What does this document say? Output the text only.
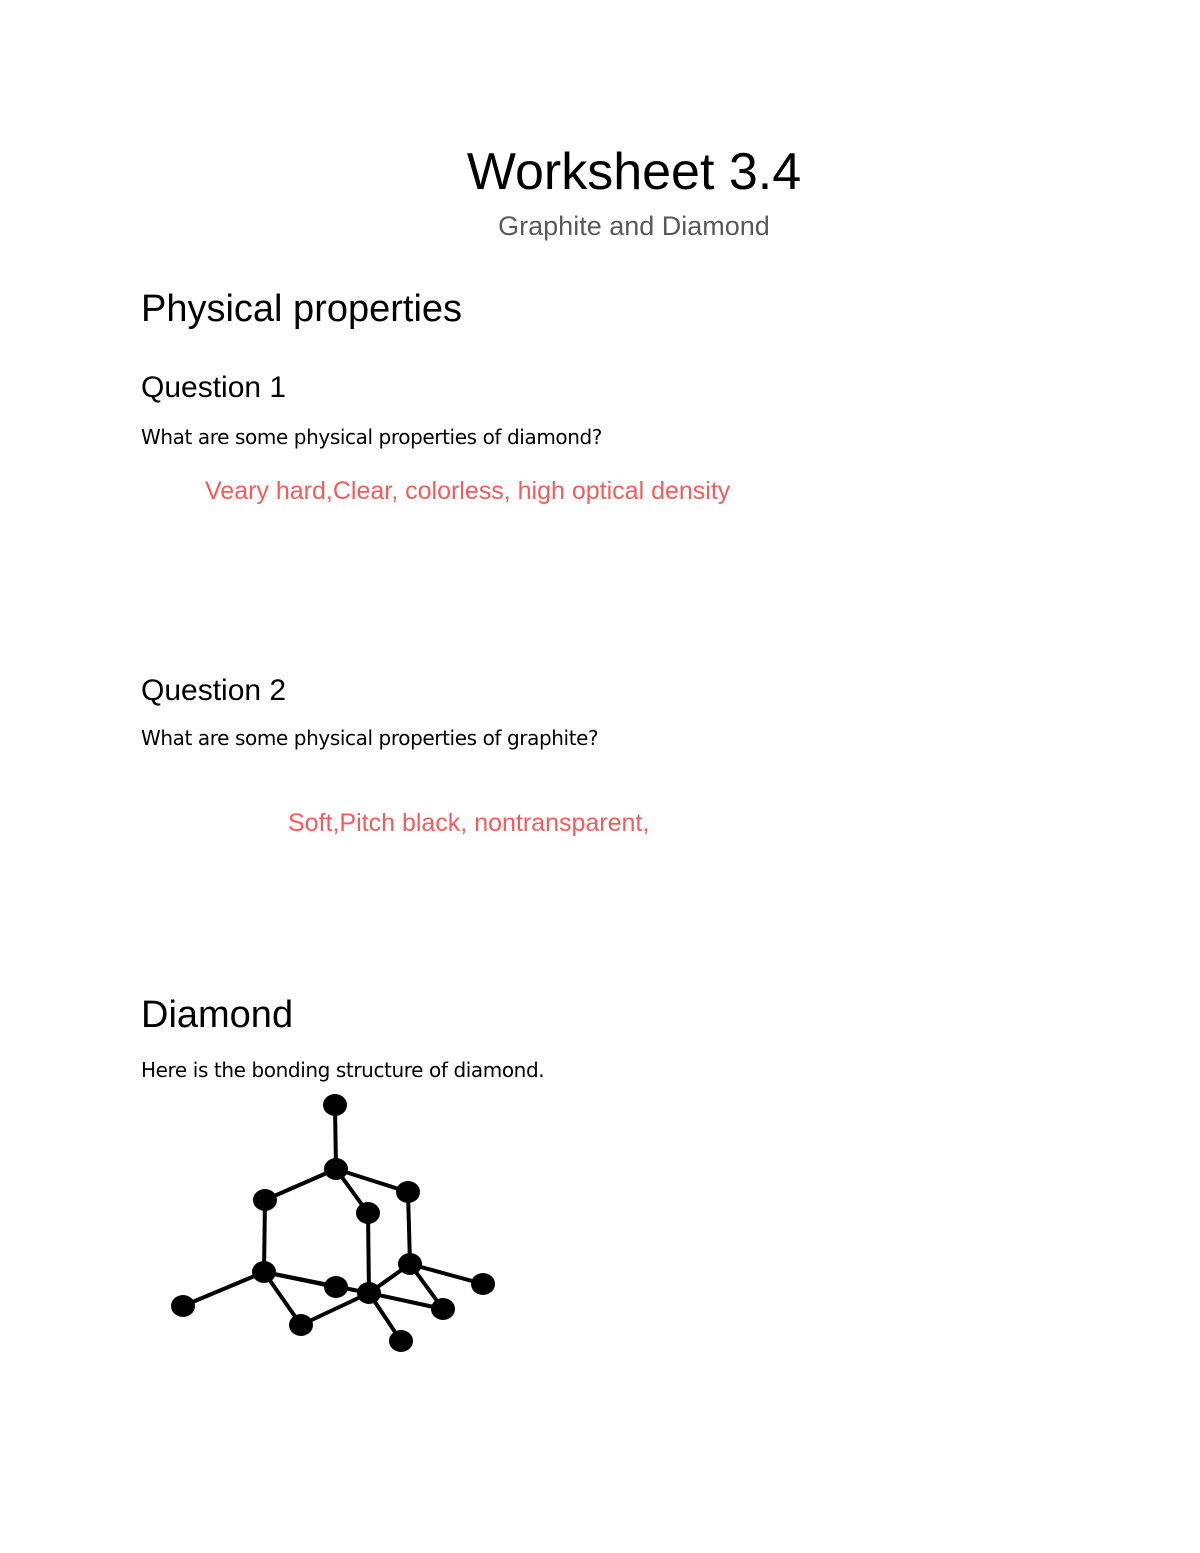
Worksheet 3.4
Graphite and Diamond
Physical properties
Question 1
What are some physical properties of diamond?
Veary hard,Clear, colorless, high optical density
Question 2
What are some physical properties of graphite?
Soft,Pitch black, nontransparent,
Diamond
Here is the bonding structure of diamond.
